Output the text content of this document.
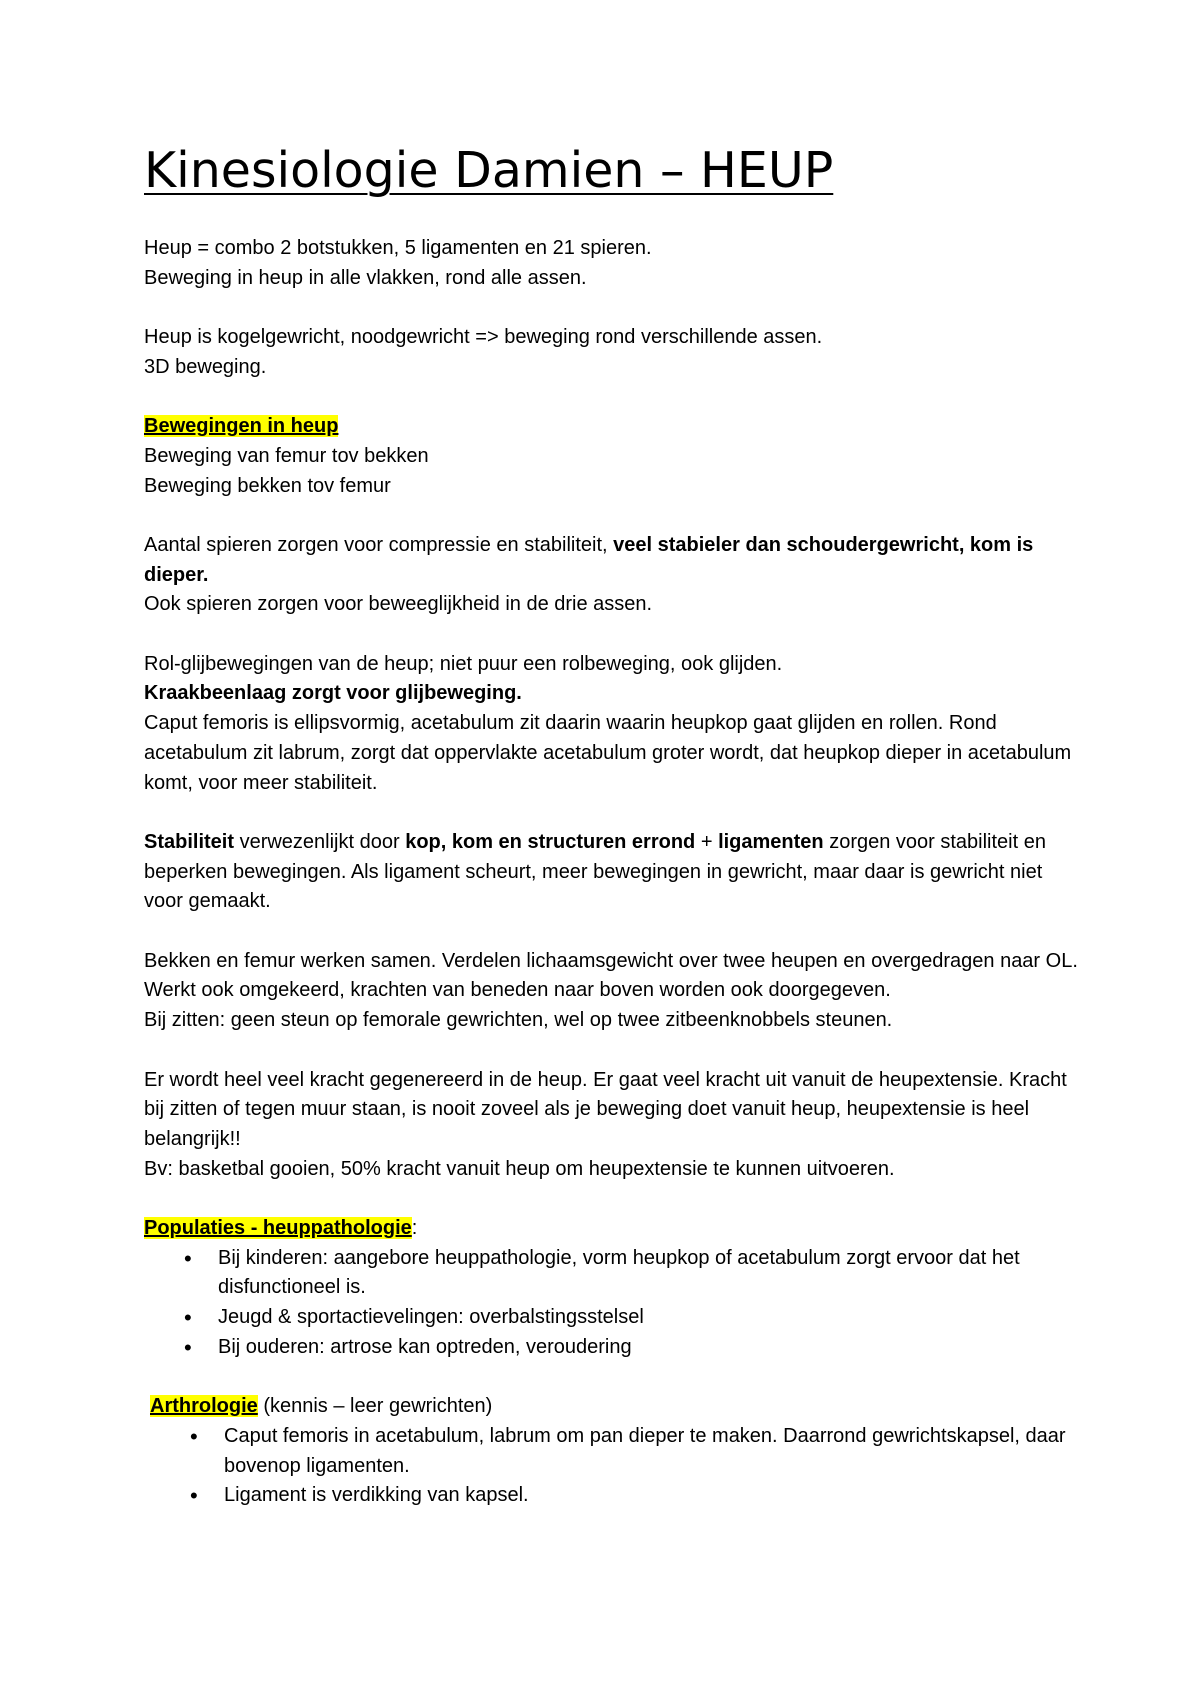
Kinesiologie Damien – HEUP

Heup = combo 2 botstukken, 5 ligamenten en 21 spieren.

Beweging in heup in alle vlakken, rond alle assen.

Heup is kogelgewricht, noodgewricht => beweging rond verschillende assen.

3D beweging.

Bewegingen in heup

Beweging van femur tov bekken

Beweging bekken tov femur

Aantal spieren zorgen voor compressie en stabiliteit, veel stabieler dan schoudergewricht, kom is dieper.

Ook spieren zorgen voor beweeglijkheid in de drie assen.

Rol-glijbewegingen van de heup; niet puur een rolbeweging, ook glijden.

Kraakbeenlaag zorgt voor glijbeweging.

Caput femoris is ellipsvormig, acetabulum zit daarin waarin heupkop gaat glijden en rollen. Rond acetabulum zit labrum, zorgt dat oppervlakte acetabulum groter wordt, dat heupkop dieper in acetabulum komt, voor meer stabiliteit.

Stabiliteit verwezenlijkt door kop, kom en structuren errond + ligamenten zorgen voor stabiliteit en beperken bewegingen. Als ligament scheurt, meer bewegingen in gewricht, maar daar is gewricht niet voor gemaakt.

Bekken en femur werken samen. Verdelen lichaamsgewicht over twee heupen en overgedragen naar OL. Werkt ook omgekeerd, krachten van beneden naar boven worden ook doorgegeven.

Bij zitten: geen steun op femorale gewrichten, wel op twee zitbeenknobbels steunen.

Er wordt heel veel kracht gegenereerd in de heup. Er gaat veel kracht uit vanuit de heupextensie. Kracht bij zitten of tegen muur staan, is nooit zoveel als je beweging doet vanuit heup, heupextensie is heel belangrijk!!

Bv: basketbal gooien, 50% kracht vanuit heup om heupextensie te kunnen uitvoeren.

Populaties - heuppathologie:

• Bij kinderen: aangebore heuppathologie, vorm heupkop of acetabulum zorgt ervoor dat het disfunctioneel is.
• Jeugd & sportactievelingen: overbalstingsstelsel
• Bij ouderen: artrose kan optreden, veroudering

Arthrologie (kennis – leer gewrichten)

• Caput femoris in acetabulum, labrum om pan dieper te maken. Daarrond gewrichtskapsel, daar bovenop ligamenten.
• Ligament is verdikking van kapsel.
